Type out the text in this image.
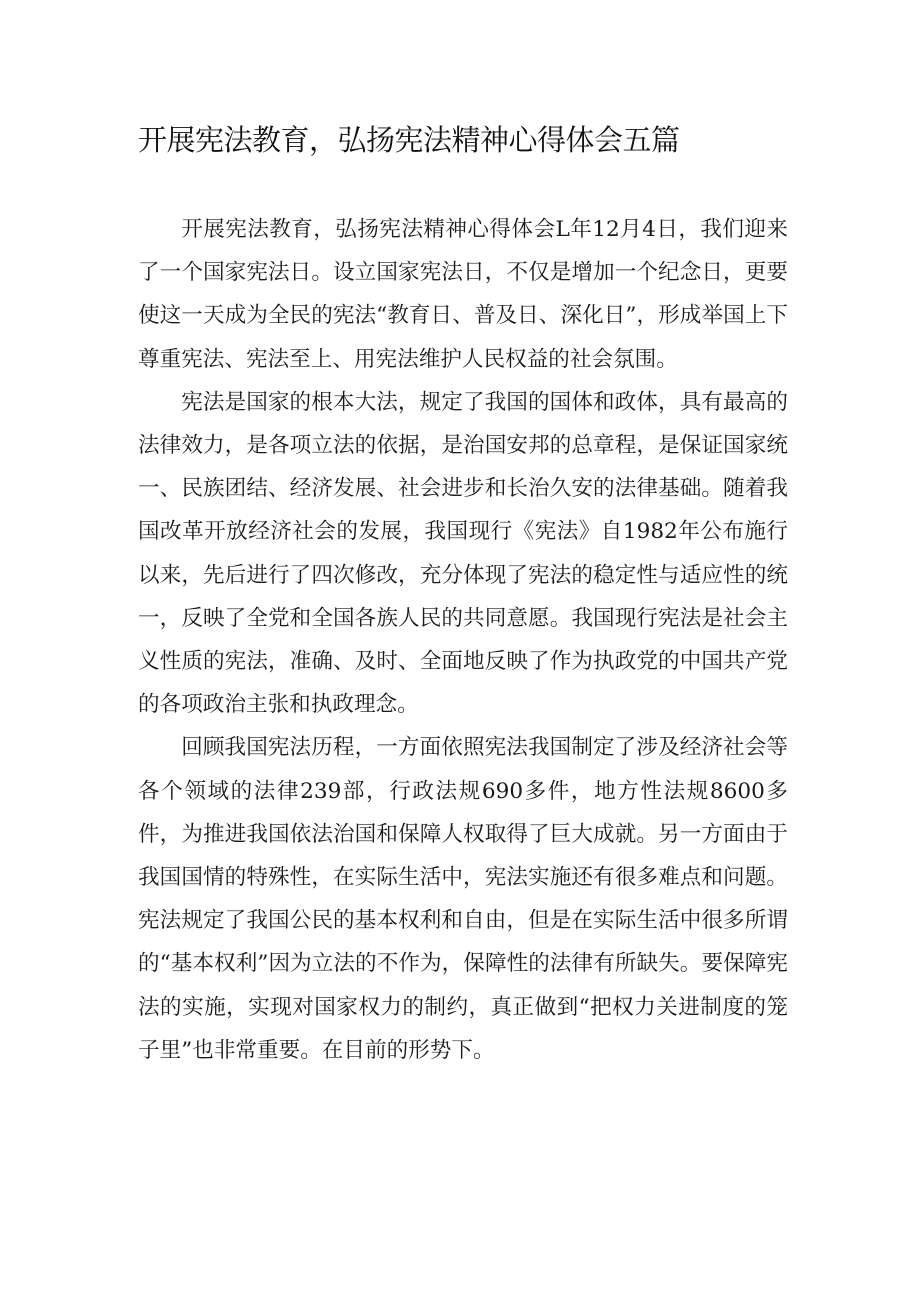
开展宪法教育，弘扬宪法精神心得体会五篇

开展宪法教育，弘扬宪法精神心得体会L年12月4日，我们迎来了一个国家宪法日。设立国家宪法日，不仅是增加一个纪念日，更要使这一天成为全民的宪法“教育日、普及日、深化日”，形成举国上下尊重宪法、宪法至上、用宪法维护人民权益的社会氛围。

宪法是国家的根本大法，规定了我国的国体和政体，具有最高的法律效力，是各项立法的依据，是治国安邦的总章程，是保证国家统一、民族团结、经济发展、社会进步和长治久安的法律基础。随着我国改革开放经济社会的发展，我国现行《宪法》自1982年公布施行以来，先后进行了四次修改，充分体现了宪法的稳定性与适应性的统一，反映了全党和全国各族人民的共同意愿。我国现行宪法是社会主义性质的宪法，准确、及时、全面地反映了作为执政党的中国共产党的各项政治主张和执政理念。

回顾我国宪法历程，一方面依照宪法我国制定了涉及经济社会等各个领域的法律239部，行政法规690多件，地方性法规8600多件，为推进我国依法治国和保障人权取得了巨大成就。另一方面由于我国国情的特殊性，在实际生活中，宪法实施还有很多难点和问题。宪法规定了我国公民的基本权利和自由，但是在实际生活中很多所谓的“基本权利”因为立法的不作为，保障性的法律有所缺失。要保障宪法的实施，实现对国家权力的制约，真正做到“把权力关进制度的笼子里”也非常重要。在目前的形势下。
